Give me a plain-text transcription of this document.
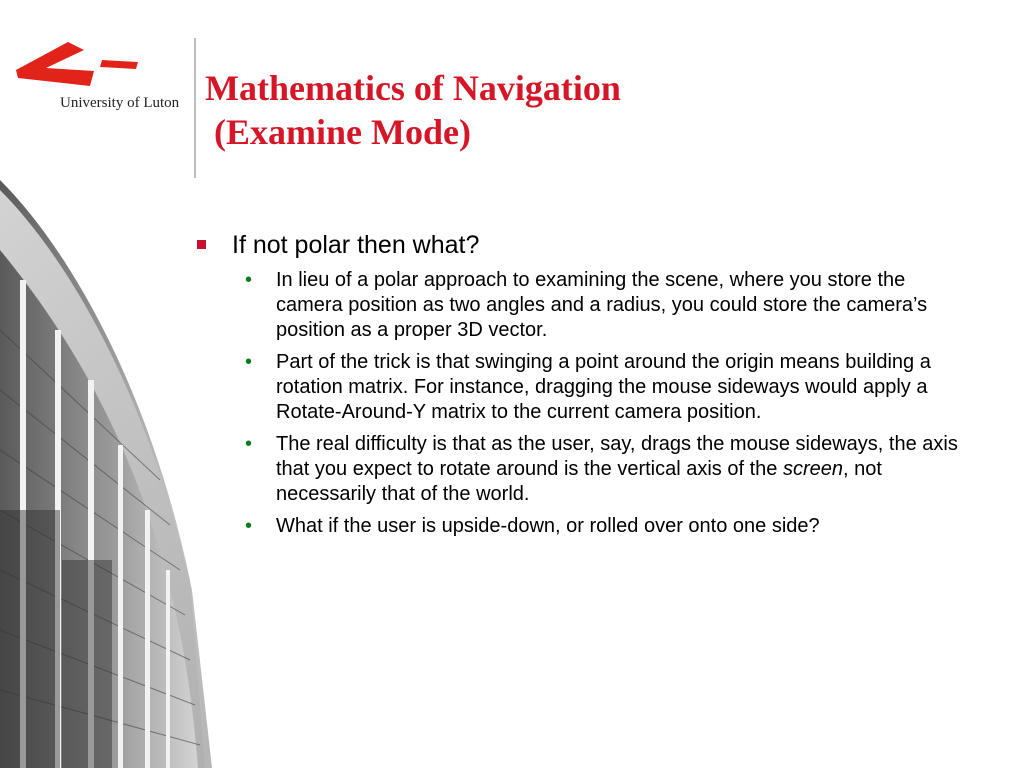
University of Luton Mathematics of Navigation
(Examine Mode)
If not polar then what?
• In lieu of a polar approach to examining the scene, where you store the camera position as two angles and a radius, you could store the camera’s position as a proper 3D vector.
• Part of the trick is that swinging a point around the origin means building a rotation matrix. For instance, dragging the mouse sideways would apply a Rotate-Around-Y matrix to the current camera position.
• The real difficulty is that as the user, say, drags the mouse sideways, the axis that you expect to rotate around is the vertical axis of the screen, not necessarily that of the world.
• What if the user is upside-down, or rolled over onto one side?
